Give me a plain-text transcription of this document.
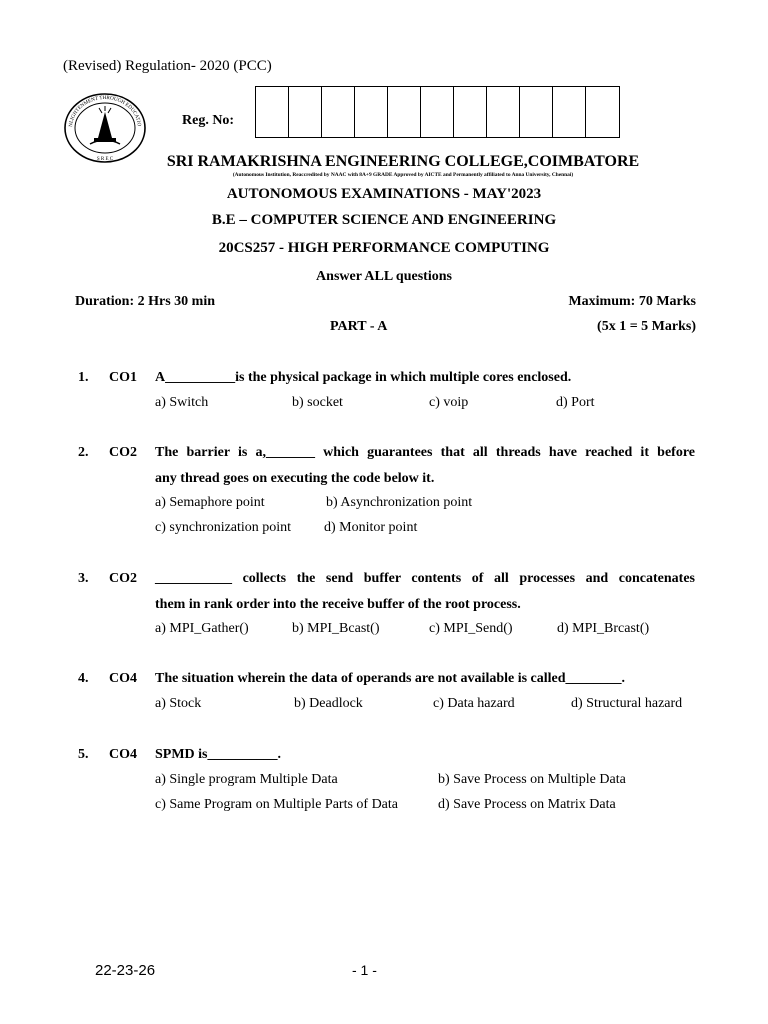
(Revised) Regulation- 2020 (PCC)
S R E C
NLIGHTENMENT THROUGH EDUCATIO	Reg. No:
SRI RAMAKRISHNA ENGINEERING COLLEGE,COIMBATORE
(Autonomous Institution, Reaccredited by NAAC with 8A+9 GRADE Approved by AICTE and Permanently affiliated to Anna University, Chennai)
AUTONOMOUS EXAMINATIONS - MAY'2023
B.E – COMPUTER SCIENCE AND ENGINEERING
20CS257 - HIGH PERFORMANCE COMPUTING
Answer ALL questions
Duration: 2 Hrs 30 min	Maximum: 70 Marks
PART - A	(5x 1 = 5 Marks)
1. CO1 A__________is the physical package in which multiple cores enclosed.
a) Switch	b) socket	c) voip	d) Port
2. CO2 The barrier is a,_______ which guarantees that all threads have reached it before
any thread goes on executing the code below it.
a) Semaphore point	b) Asynchronization point
c) synchronization point d) Monitor point
3. CO2 ___________ collects the send buffer contents of all processes and concatenates
them in rank order into the receive buffer of the root process.
a) MPI_Gather()	b) MPI_Bcast()	c) MPI_Send()	d) MPI_Brcast()
4. CO4 The situation wherein the data of operands are not available is called________.
a) Stock	b) Deadlock	c) Data hazard	d) Structural hazard
5. CO4 SPMD is__________.
a) Single program Multiple Data	b) Save Process on Multiple Data
c) Same Program on Multiple Parts of Data	d) Save Process on Matrix Data
22-23-26	- 1 -
